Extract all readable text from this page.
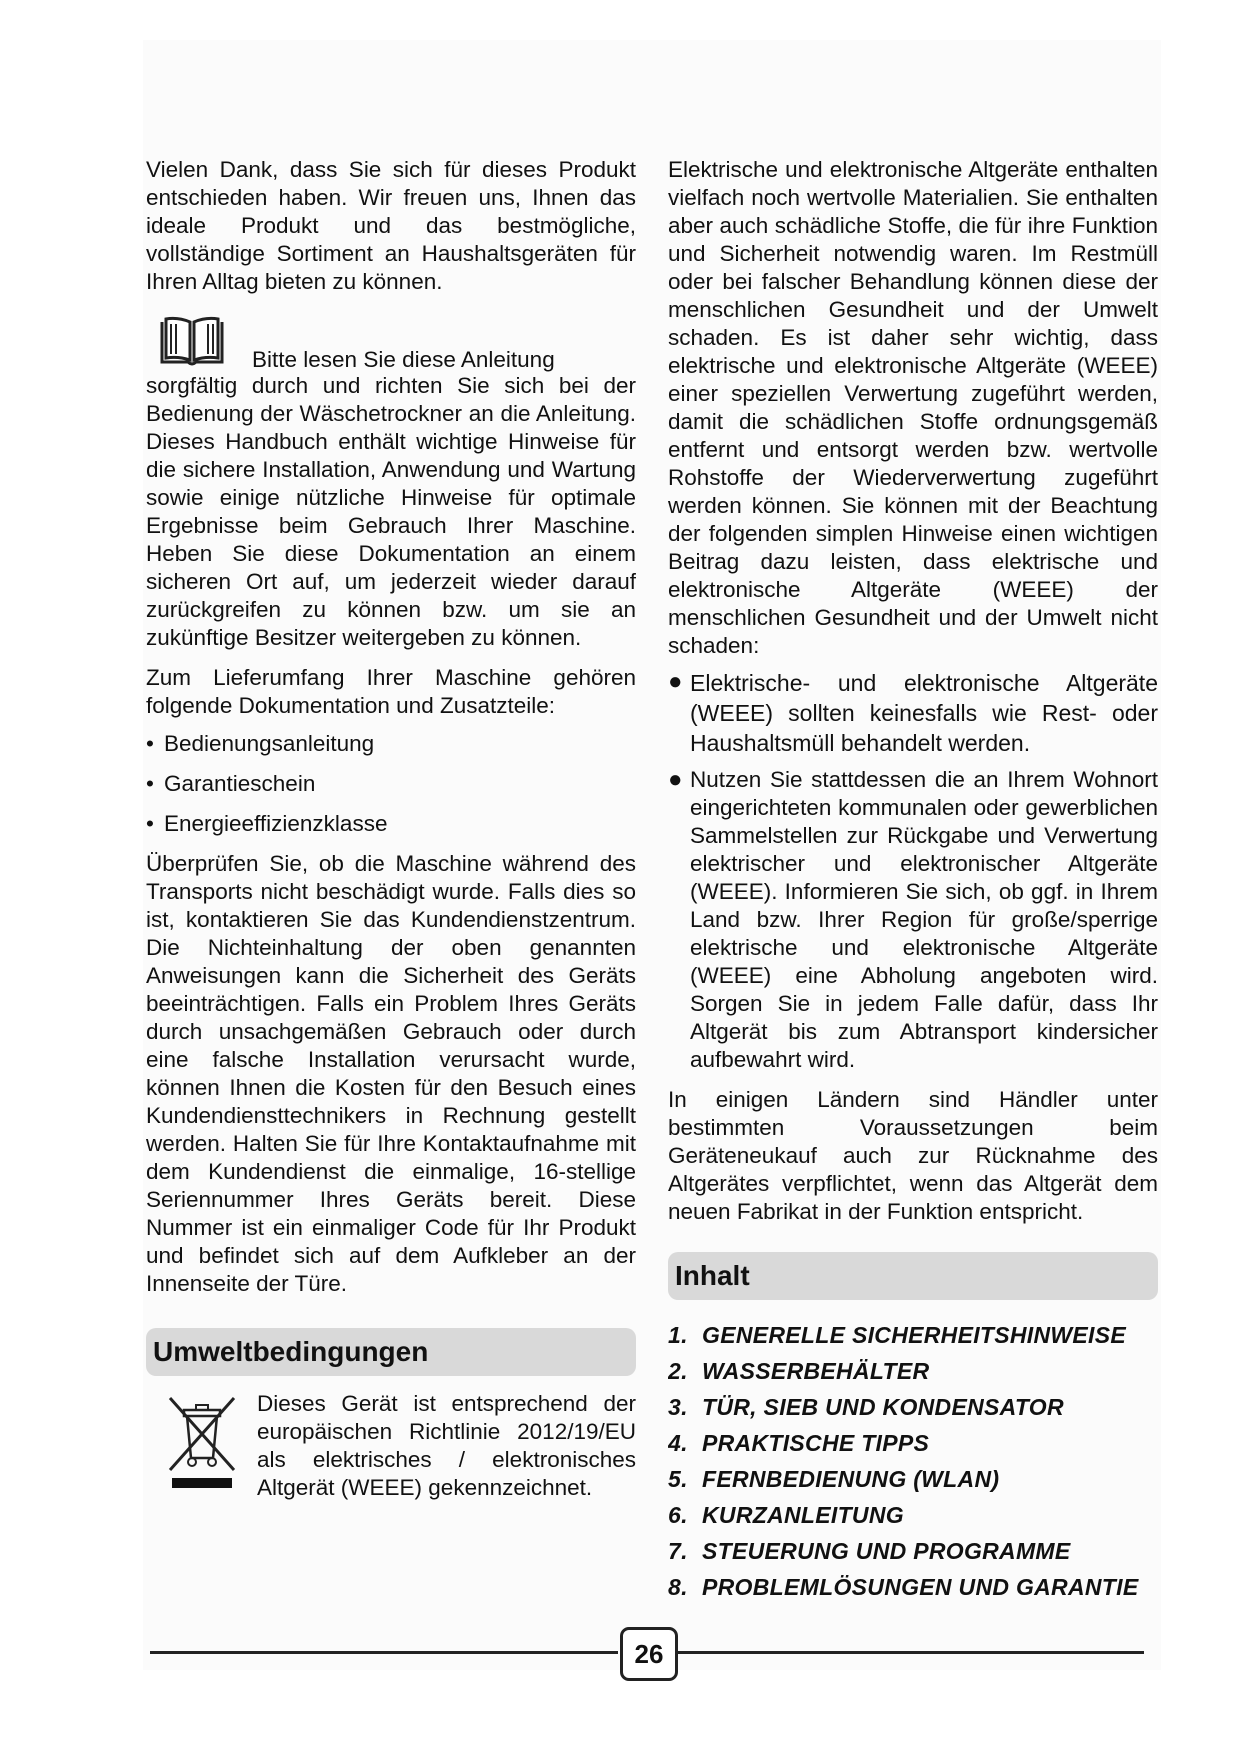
Vielen Dank, dass Sie sich für dieses Produkt entschieden haben. Wir freuen uns, Ihnen das ideale Produkt und das bestmögliche, vollständige Sortiment an Haushaltsgeräten für Ihren Alltag bieten zu können.

Bitte lesen Sie diese Anleitung

sorgfältig durch und richten Sie sich bei der Bedienung der Wäschetrockner an die Anleitung. Dieses Handbuch enthält wichtige Hinweise für die sichere Installation, Anwendung und Wartung sowie einige nützliche Hinweise für optimale Ergebnisse beim Gebrauch Ihrer Maschine. Heben Sie diese Dokumentation an einem sicheren Ort auf, um jederzeit wieder darauf zurückgreifen zu können bzw. um sie an zukünftige Besitzer weitergeben zu können.

Zum Lieferumfang Ihrer Maschine gehören folgende Dokumentation und Zusatzteile:

• Bedienungsanleitung
• Garantieschein
• Energieeffizienzklasse

Überprüfen Sie, ob die Maschine während des Transports nicht beschädigt wurde. Falls dies so ist, kontaktieren Sie das Kundendienstzentrum. Die Nichteinhaltung der oben genannten Anweisungen kann die Sicherheit des Geräts beeinträchtigen. Falls ein Problem Ihres Geräts durch unsachgemäßen Gebrauch oder durch eine falsche Installation verursacht wurde, können Ihnen die Kosten für den Besuch eines Kundendiensttechnikers in Rechnung gestellt werden. Halten Sie für Ihre Kontaktaufnahme mit dem Kundendienst die einmalige, 16-stellige Seriennummer Ihres Geräts bereit. Diese Nummer ist ein einmaliger Code für Ihr Produkt und befindet sich auf dem Aufkleber an der Innenseite der Türe.

Umweltbedingungen

Dieses Gerät ist entsprechend der europäischen Richtlinie 2012/19/EU als elektrisches / elektronisches Altgerät (WEEE) gekennzeichnet.

Elektrische und elektronische Altgeräte enthalten vielfach noch wertvolle Materialien. Sie enthalten aber auch schädliche Stoffe, die für ihre Funktion und Sicherheit notwendig waren. Im Restmüll oder bei falscher Behandlung können diese der menschlichen Gesundheit und der Umwelt schaden. Es ist daher sehr wichtig, dass elektrische und elektronische Altgeräte (WEEE) einer speziellen Verwertung zugeführt werden, damit die schädlichen Stoffe ordnungsgemäß entfernt und entsorgt werden bzw. wertvolle Rohstoffe der Wiederverwertung zugeführt werden können. Sie können mit der Beachtung der folgenden simplen Hinweise einen wichtigen Beitrag dazu leisten, dass elektrische und elektronische Altgeräte (WEEE) der menschlichen Gesundheit und der Umwelt nicht schaden:

● Elektrische- und elektronische Altgeräte (WEEE) sollten keinesfalls wie Rest- oder Haushaltsmüll behandelt werden.
● Nutzen Sie stattdessen die an Ihrem Wohnort eingerichteten kommunalen oder gewerblichen Sammelstellen zur Rückgabe und Verwertung elektrischer und elektronischer Altgeräte (WEEE). Informieren Sie sich, ob ggf. in Ihrem Land bzw. Ihrer Region für große/sperrige elektrische und elektronische Altgeräte (WEEE) eine Abholung angeboten wird. Sorgen Sie in jedem Falle dafür, dass Ihr Altgerät bis zum Abtransport kindersicher aufbewahrt wird.

In einigen Ländern sind Händler unter bestimmten Voraussetzungen beim Geräteneukauf auch zur Rücknahme des Altgerätes verpflichtet, wenn das Altgerät dem neuen Fabrikat in der Funktion entspricht.

Inhalt
1. GENERELLE SICHERHEITSHINWEISE
2. WASSERBEHÄLTER
3. TÜR, SIEB UND KONDENSATOR
4. PRAKTISCHE TIPPS
5. FERNBEDIENUNG (WLAN)
6. KURZANLEITUNG
7. STEUERUNG UND PROGRAMME
8. PROBLEMLÖSUNGEN UND GARANTIE
26
